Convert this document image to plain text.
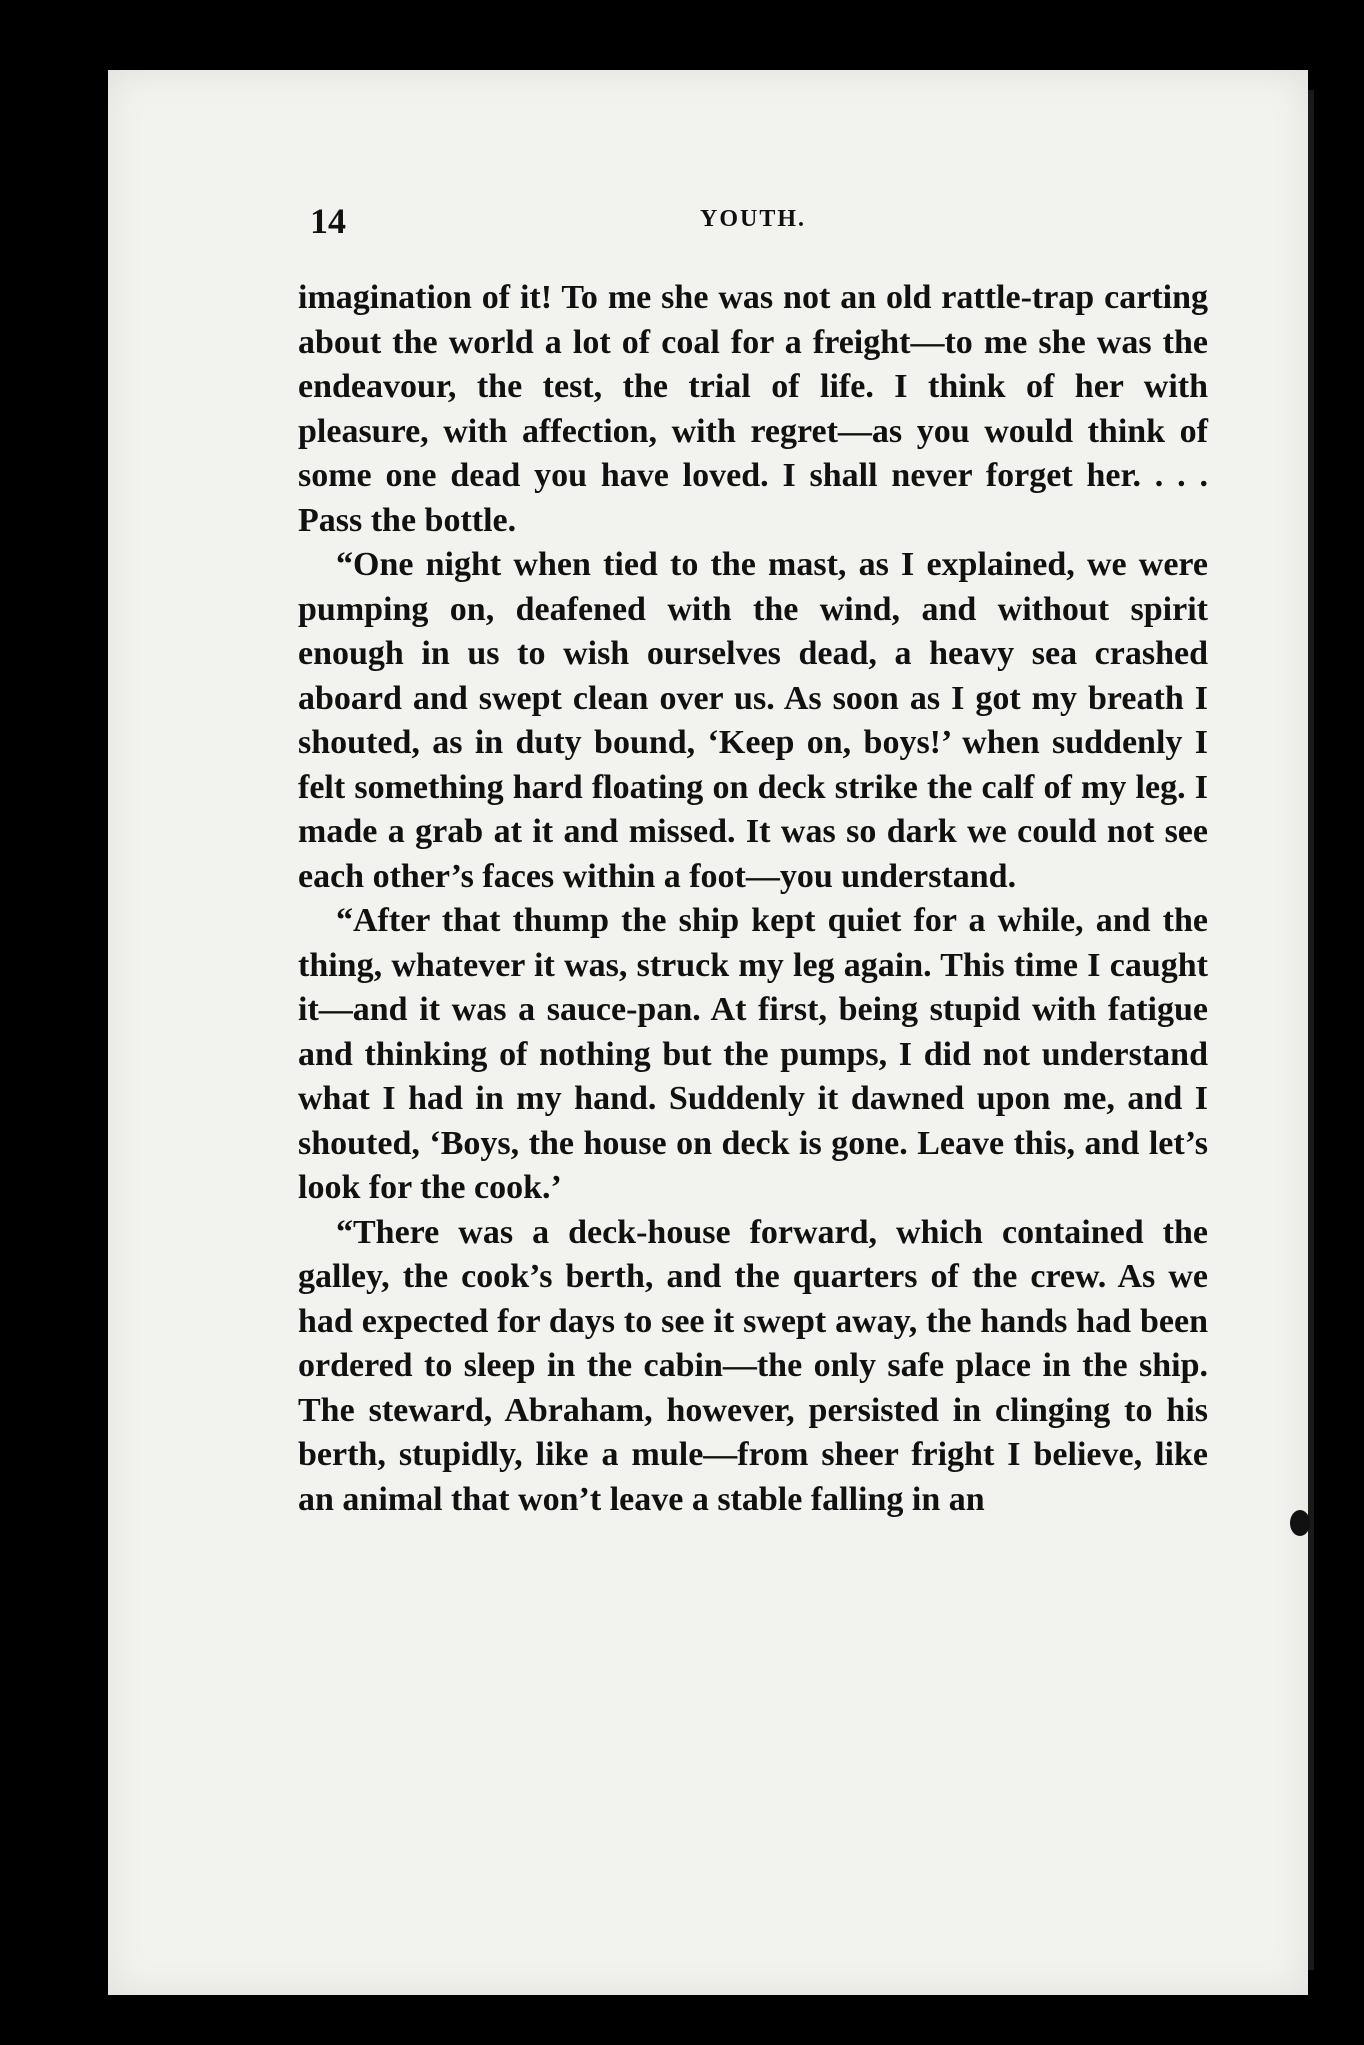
14	YOUTH.

imagination of it! To me she was not an old rattle-trap carting about the world a lot of coal for a freight—to me she was the endeavour, the test, the trial of life. I think of her with pleasure, with affection, with regret—as you would think of some one dead you have loved. I shall never forget her. . . . Pass the bottle.

“One night when tied to the mast, as I explained, we were pumping on, deafened with the wind, and without spirit enough in us to wish ourselves dead, a heavy sea crashed aboard and swept clean over us. As soon as I got my breath I shouted, as in duty bound, ‘Keep on, boys!’ when suddenly I felt something hard floating on deck strike the calf of my leg. I made a grab at it and missed. It was so dark we could not see each other’s faces within a foot—you understand.

“After that thump the ship kept quiet for a while, and the thing, whatever it was, struck my leg again. This time I caught it—and it was a sauce-pan. At first, being stupid with fatigue and thinking of nothing but the pumps, I did not understand what I had in my hand. Suddenly it dawned upon me, and I shouted, ‘Boys, the house on deck is gone. Leave this, and let’s look for the cook.’

“There was a deck-house forward, which contained the galley, the cook’s berth, and the quarters of the crew. As we had expected for days to see it swept away, the hands had been ordered to sleep in the cabin—the only safe place in the ship. The steward, Abraham, however, persisted in clinging to his berth, stupidly, like a mule—from sheer fright I believe, like an animal that won’t leave a stable falling in an
